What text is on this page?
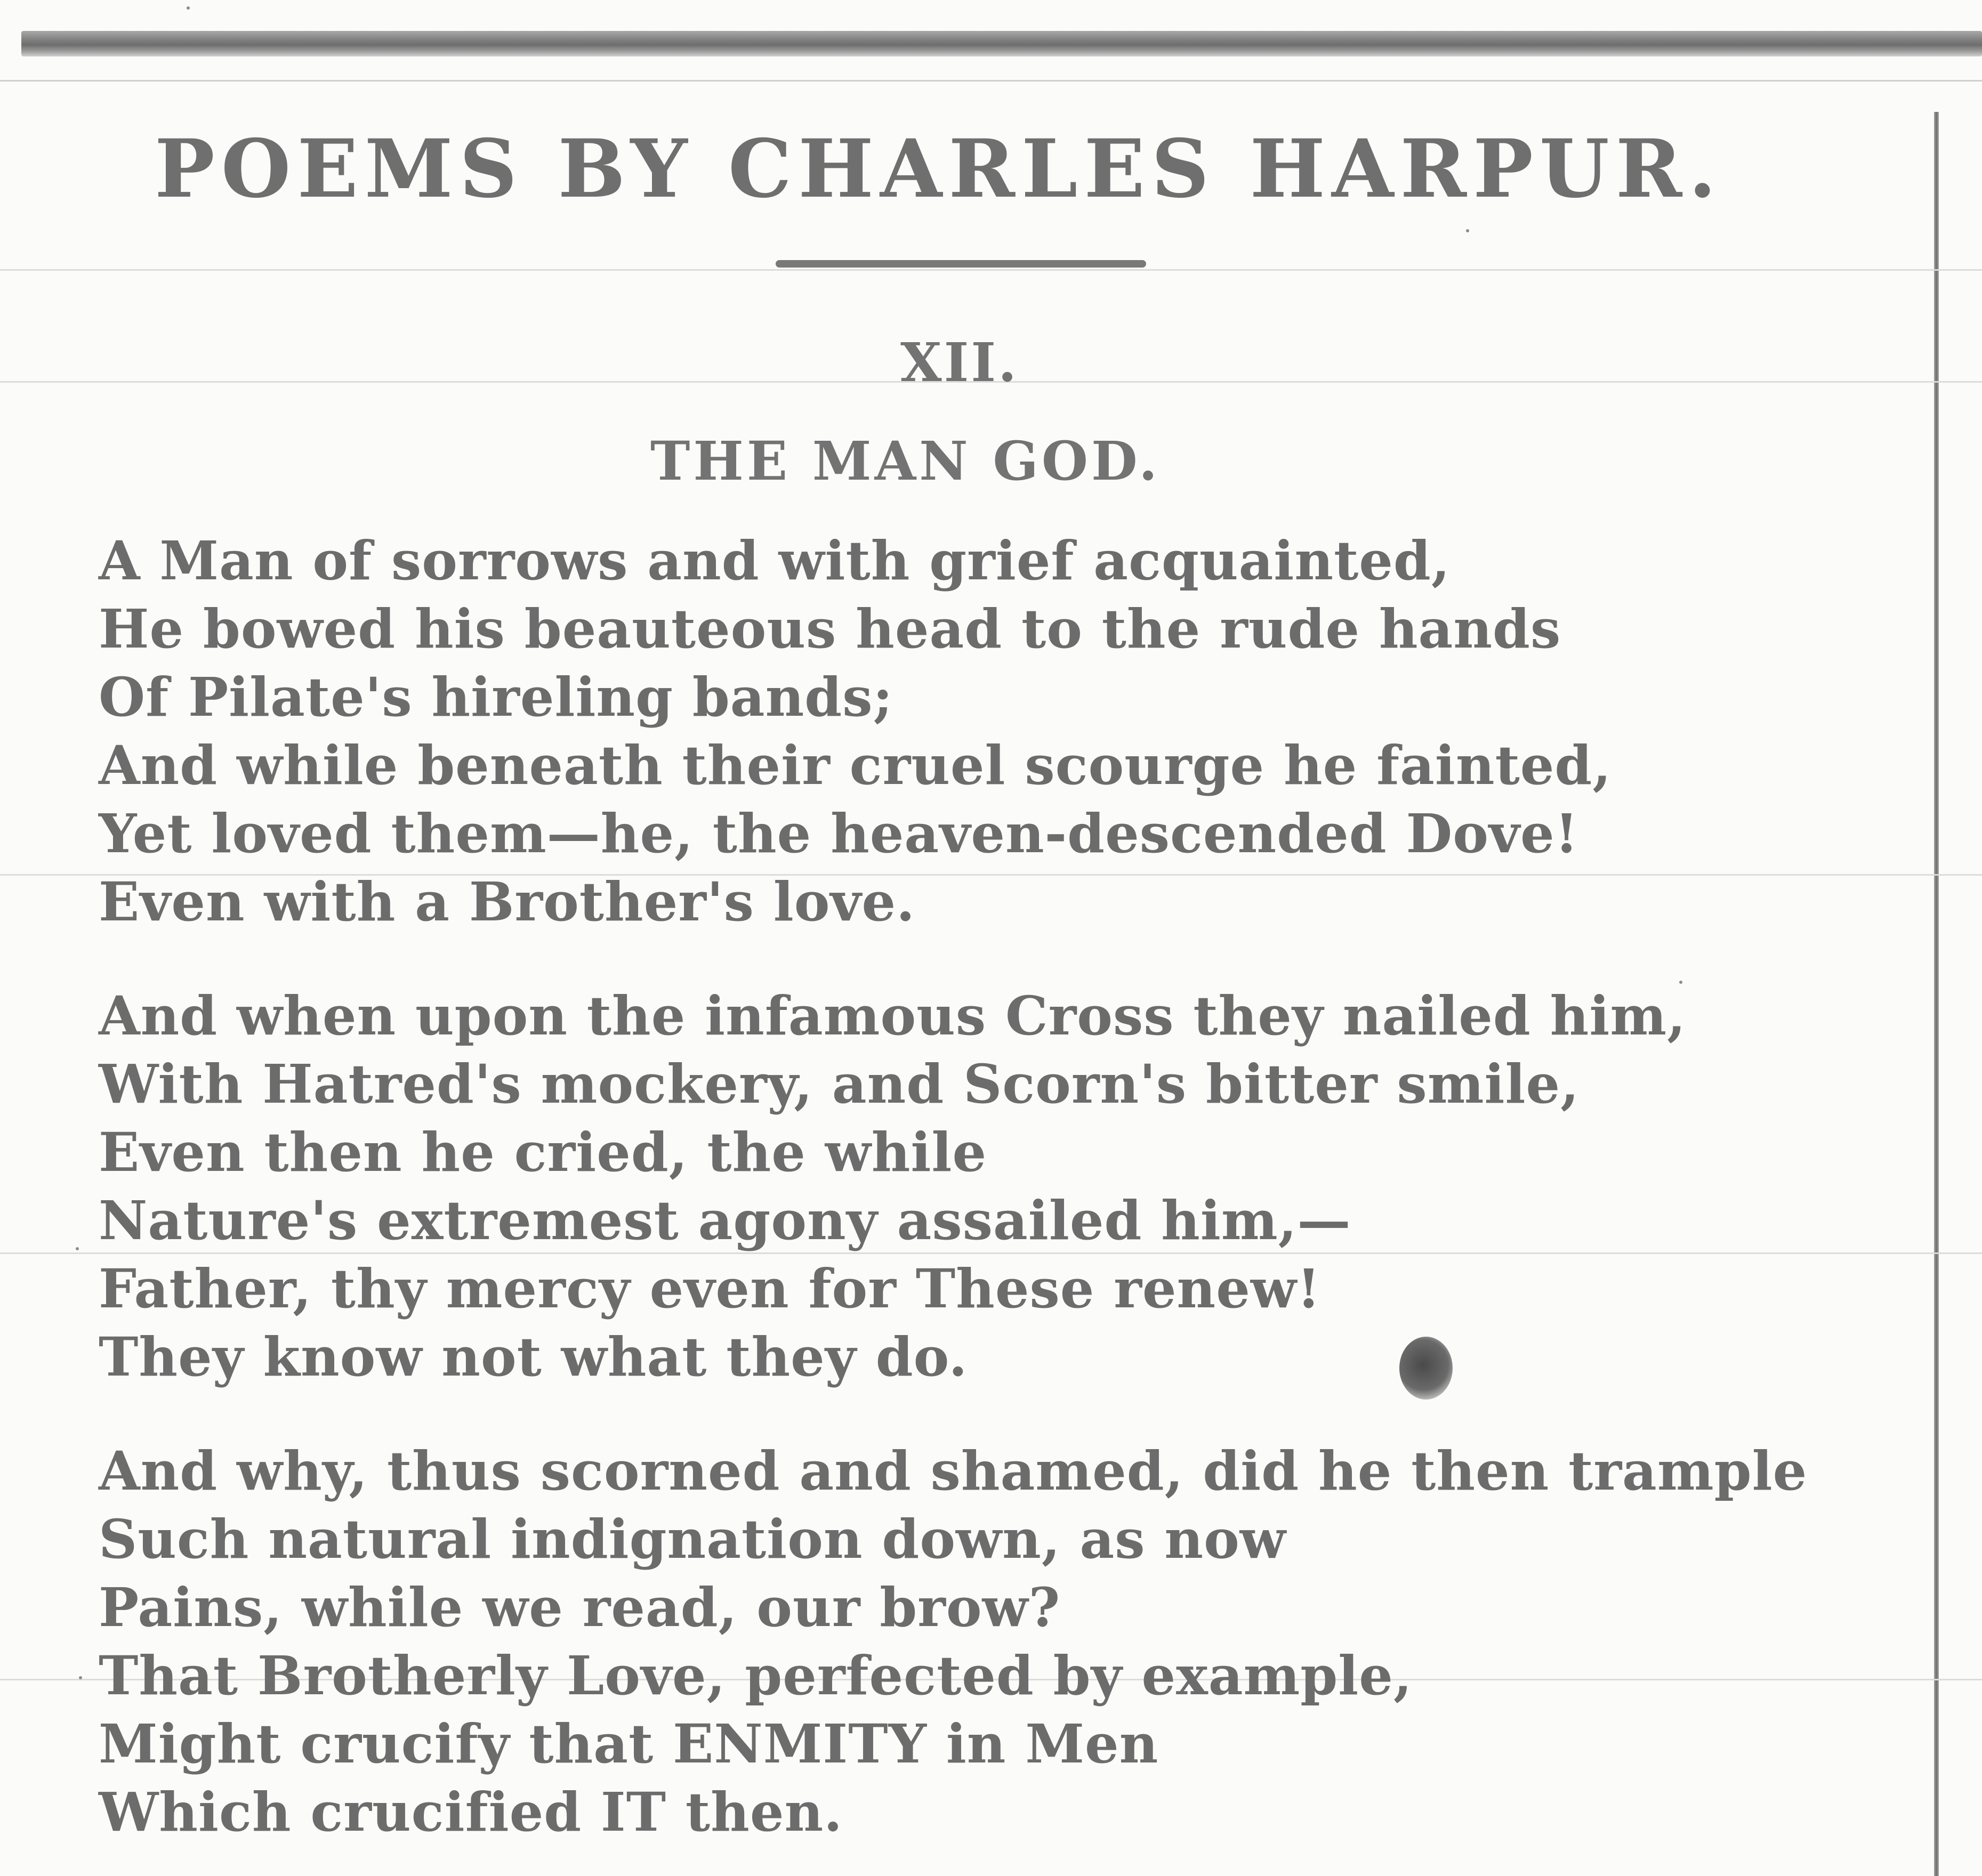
POEMS BY CHARLES HARPUR.
XII.
THE MAN GOD.
A Man of sorrows and with grief acquainted,
He bowed his beauteous head to the rude hands
Of Pilate's hireling bands;
And while beneath their cruel scourge he fainted,
Yet loved them—he, the heaven-descended Dove!
Even with a Brother's love.
And when upon the infamous Cross they nailed him,
With Hatred's mockery, and Scorn's bitter smile,
Even then he cried, the while
Nature's extremest agony assailed him,—
Father, thy mercy even for These renew!
They know not what they do.
And why, thus scorned and shamed, did he then trample
Such natural indignation down, as now
Pains, while we read, our brow?
That Brotherly Love, perfected by example,
Might crucify that ENMITY in Men
Which crucified IT then.
